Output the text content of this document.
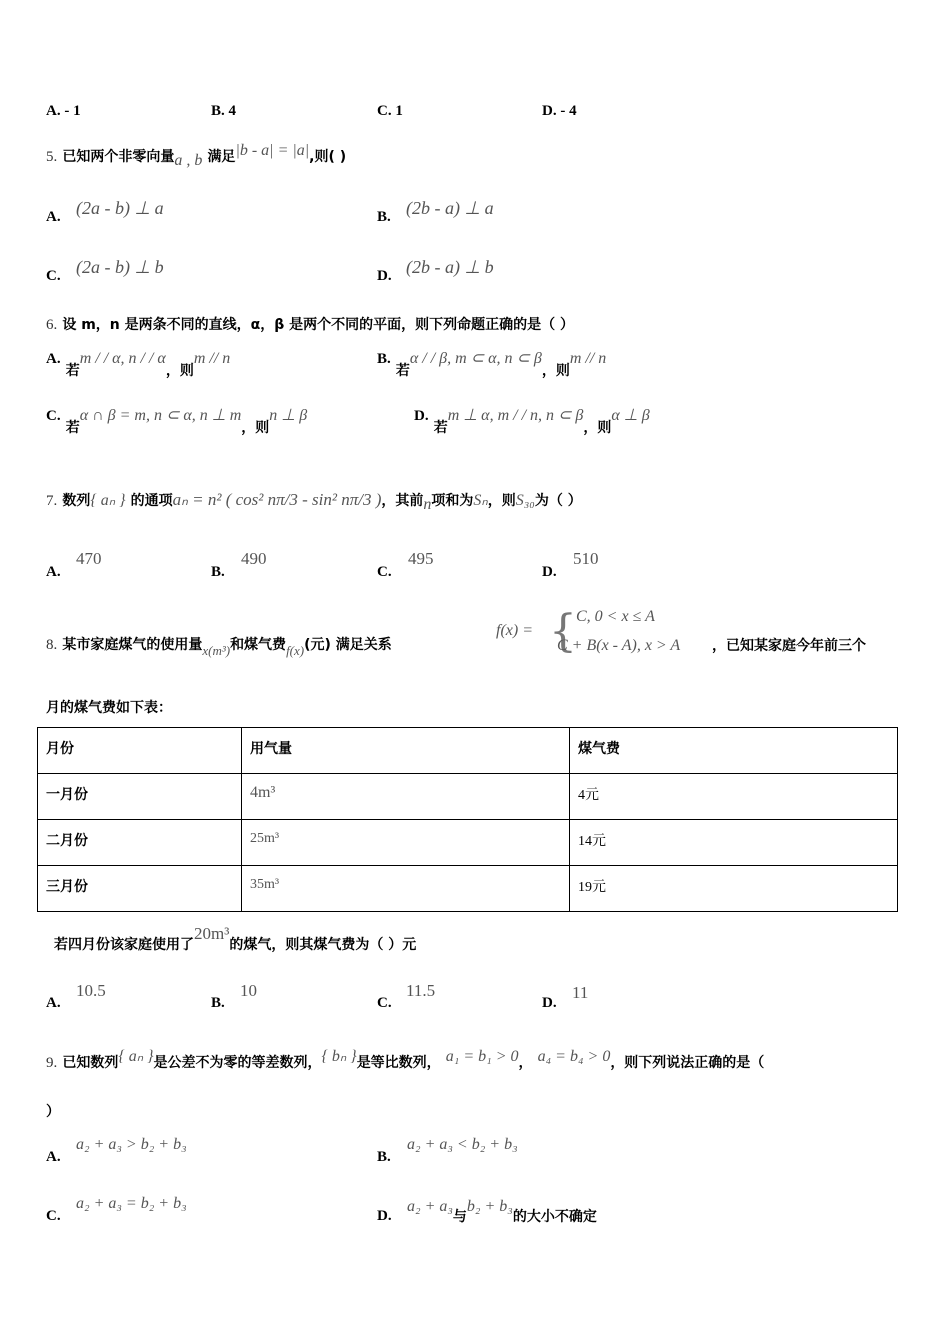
A. - 1	B. 4	C. 1	D. - 4
5. 已知两个非零向量a , b 满足|b - a| = |a|,则( )
A. (2a - b) ⊥ a	B. (2b - a) ⊥ a
C. (2a - b) ⊥ b	D. (2b - a) ⊥ b
6. 设 m，n 是两条不同的直线，α，β 是两个不同的平面，则下列命题正确的是（ ）
A. 若m / / α, n / / α，则m // n	B. 若α / / β, m ⊂ α, n ⊂ β，则m // n
C. 若α ∩ β = m, n ⊂ α, n ⊥ m，则n ⊥ β	D. 若m ⊥ α, m / / n, n ⊂ β，则α ⊥ β
7. 数列{ aₙ } 的通项aₙ = n² ( cos² nπ/3 - sin² nπ/3 )，其前n项和为Sₙ，则S₃₀为（ ）
A.
470
B.
490
C.
495
D.
510
8. 某市家庭煤气的使用量$_{x(m^3)}$和煤气费$_{f(x)}$(元) 满足关系
f(x) = { C, 0 < x ≤ A
C + B(x - A), x > A ，已知某家庭今年前三个
月的煤气费如下表：
月份	用气量	煤气费
一月份	4m³	4元
二月份	25m³	14元
三月份	35m³	19元
若四月份该家庭使用了20m³的煤气，则其煤气费为（ ）元
A.
10.5
B.
10
C.
11.5
D.
11
9. 已知数列{ aₙ }是公差不为零的等差数列，{ bₙ }是等比数列， a₁ = b₁ > 0， a₄ = b₄ > 0，则下列说法正确的是（
）
A.
a₂ + a₃ > b₂ + b₃
B.
a₂ + a₃ < b₂ + b₃
C.
a₂ + a₃ = b₂ + b₃
D.
a₂ + a₃与b₂ + b₃的大小不确定
